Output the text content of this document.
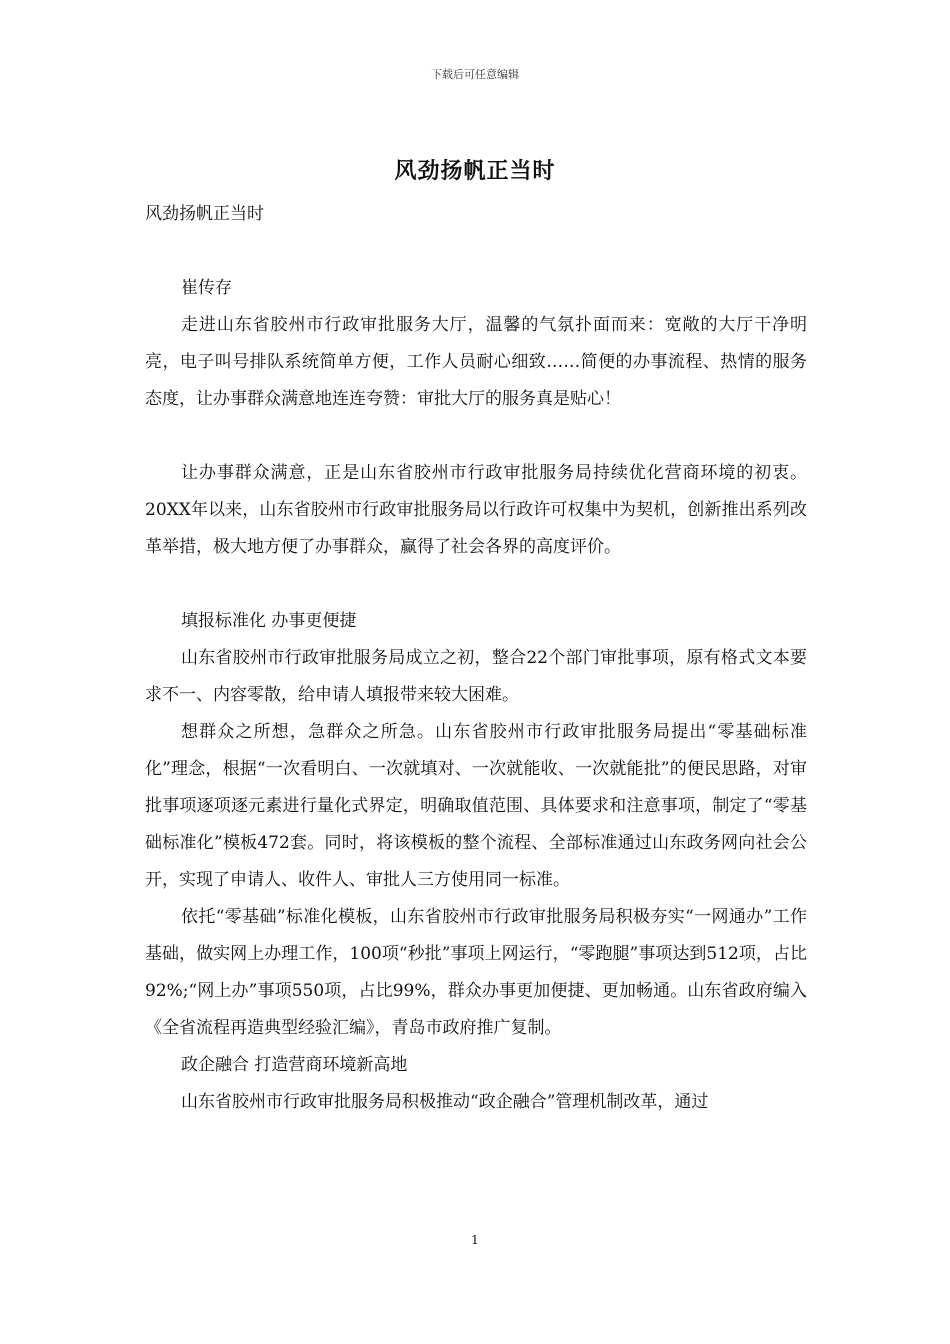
下载后可任意编辑
风劲扬帆正当时

风劲扬帆正当时

崔传存

走进山东省胶州市行政审批服务大厅，温馨的气氛扑面而来：宽敞的大厅干净明亮，电子叫号排队系统简单方便，工作人员耐心细致……简便的办事流程、热情的服务态度，让办事群众满意地连连夸赞：审批大厅的服务真是贴心！

让办事群众满意，正是山东省胶州市行政审批服务局持续优化营商环境的初衷。20XX年以来，山东省胶州市行政审批服务局以行政许可权集中为契机，创新推出系列改革举措，极大地方便了办事群众，赢得了社会各界的高度评价。

填报标准化 办事更便捷

山东省胶州市行政审批服务局成立之初，整合22个部门审批事项，原有格式文本要求不一、内容零散，给申请人填报带来较大困难。

想群众之所想，急群众之所急。山东省胶州市行政审批服务局提出“零基础标准化”理念，根据“一次看明白、一次就填对、一次就能收、一次就能批”的便民思路，对审批事项逐项逐元素进行量化式界定，明确取值范围、具体要求和注意事项，制定了“零基础标准化”模板472套。同时，将该模板的整个流程、全部标准通过山东政务网向社会公开，实现了申请人、收件人、审批人三方使用同一标准。

依托“零基础”标准化模板，山东省胶州市行政审批服务局积极夯实“一网通办”工作基础，做实网上办理工作，100项“秒批”事项上网运行，“零跑腿”事项达到512项，占比92%;“网上办”事项550项，占比99%，群众办事更加便捷、更加畅通。山东省政府编入《全省流程再造典型经验汇编》，青岛市政府推广复制。

政企融合 打造营商环境新高地

山东省胶州市行政审批服务局积极推动“政企融合”管理机制改革，通过

1
